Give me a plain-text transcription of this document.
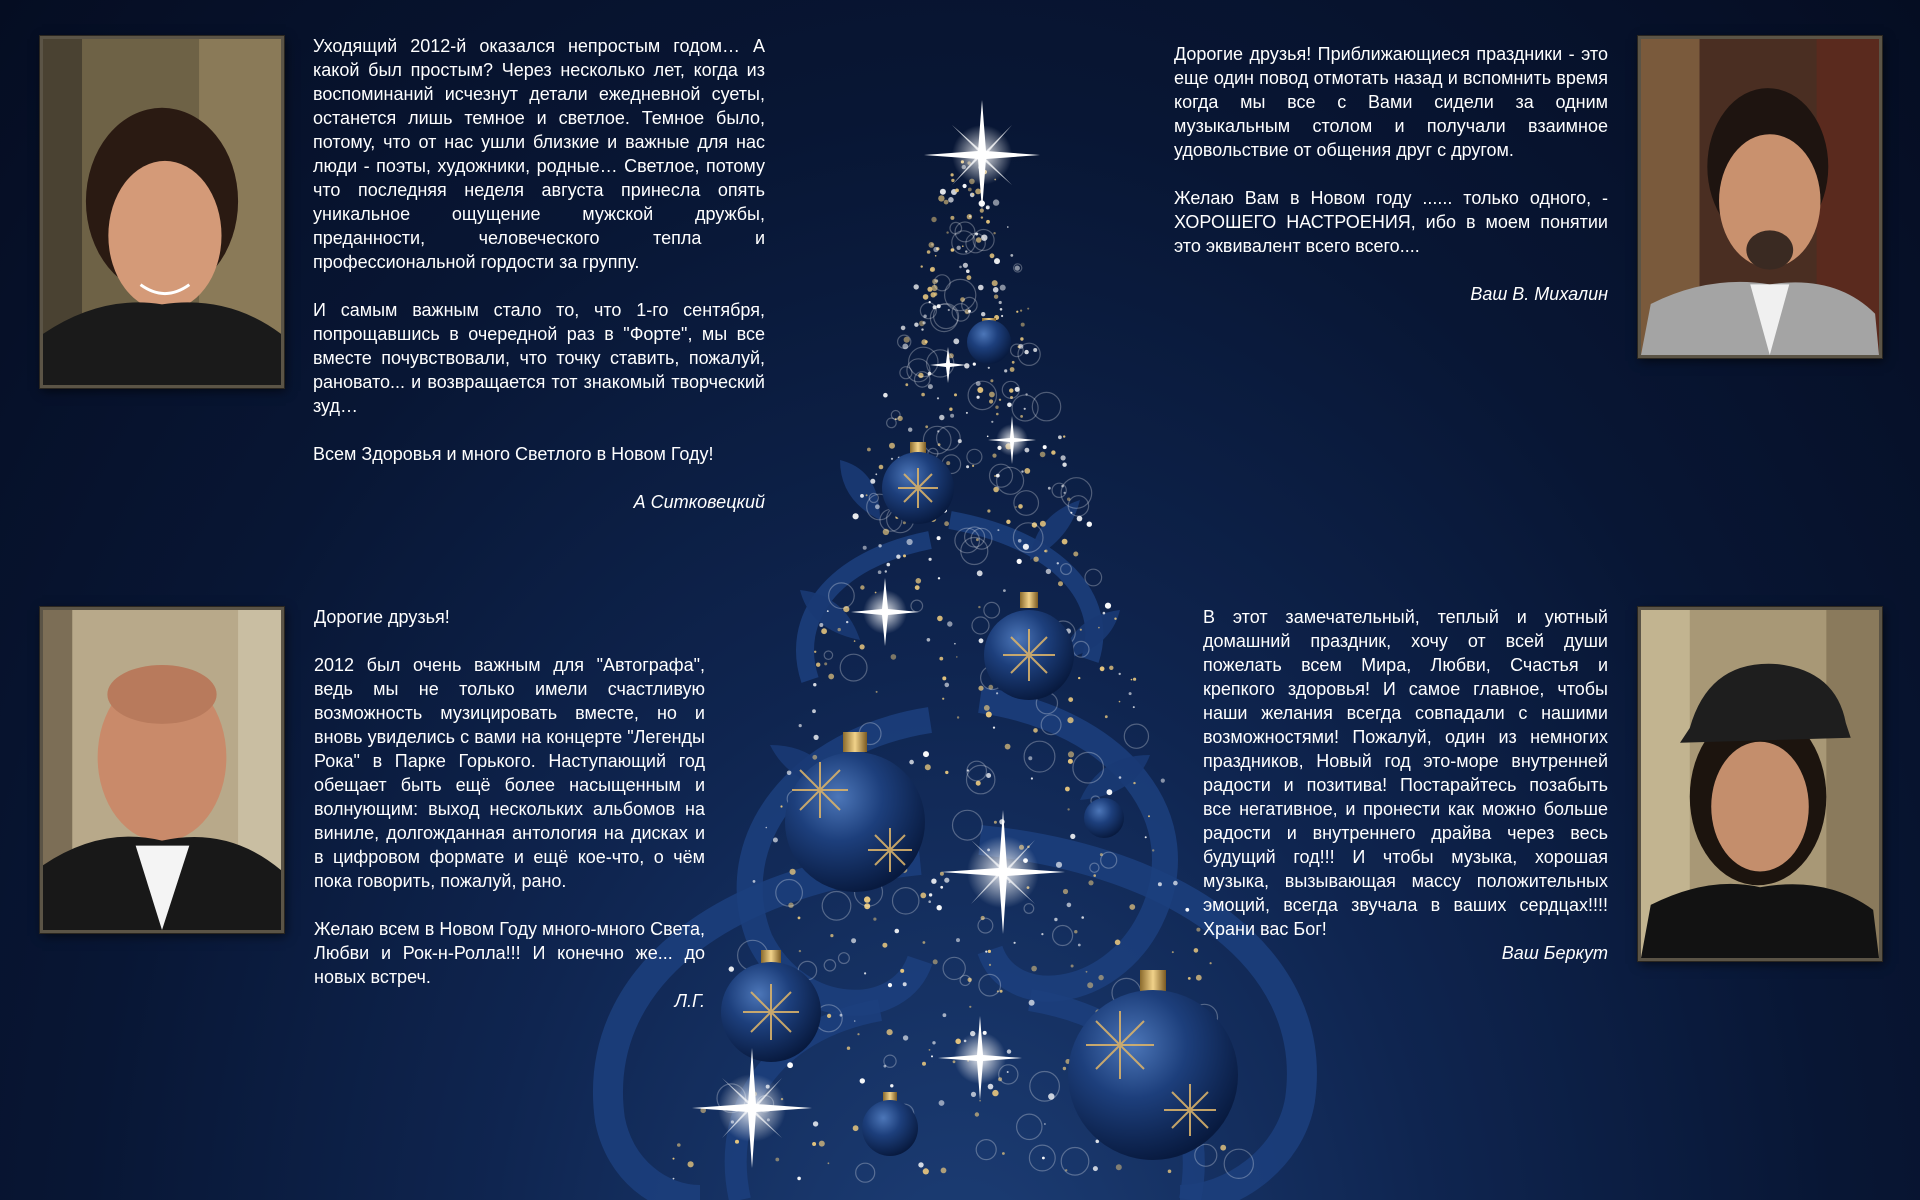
Уходящий 2012-й оказался непростым годом… А какой был простым? Через несколько лет, когда из воспоминаний исчезнут детали ежедневной суеты, останется лишь темное и светлое. Темное было, потому, что от нас ушли близкие и важные для нас люди - поэты, художники, родные… Светлое, потому что последняя неделя августа принесла опять уникальное ощущение мужской дружбы, преданности, человеческого тепла и профессиональной гордости за группу.

И самым важным стало то, что 1-го сентября, попрощавшись в очередной раз в "Форте", мы все вместе почувствовали, что точку ставить, пожалуй, рановато... и возвращается тот знакомый творческий зуд…

Всем Здоровья и много Светлого в Новом Году!

А Ситковецкий

Дорогие друзья! Приближающиеся праздники - это еще один повод отмотать назад и вспомнить время когда мы все с Вами сидели за одним музыкальным столом и получали взаимное удовольствие от общения друг с другом.

Желаю Вам в Новом году ...... только одного, - ХОРОШЕГО НАСТРОЕНИЯ, ибо в моем понятии это эквивалент всего всего....

Ваш В. Михалин

Дорогие друзья!

2012 был очень важным для "Автографа", ведь мы не только имели счастливую возможность музицировать вместе, но и вновь увиделись с вами на концерте "Легенды Рока" в Парке Горького. Наступающий год обещает быть ещё более насыщенным и волнующим: выход нескольких альбомов на виниле, долгожданная антология на дисках и в цифровом формате и ещё кое-что, о чём пока говорить, пожалуй, рано.

Желаю всем в Новом Году много-много Света, Любви и Рок-н-Ролла!!! И конечно же... до новых встреч.

Л.Г.

В этот замечательный, теплый и уютный домашний праздник, хочу от всей души пожелать всем Мира, Любви, Счастья и крепкого здоровья! И самое главное, чтобы наши желания всегда совпадали с нашими возможностями! Пожалуй, один из немногих праздников, Новый год это-море внутренней радости и позитива! Постарайтесь позабыть все негативное, и пронести как можно больше радости и внутреннего драйва через весь будущий год!!! И чтобы музыка, хорошая музыка, вызывающая массу положительных эмоций, всегда звучала в ваших сердцах!!!! Храни вас Бог!

Ваш Беркут
